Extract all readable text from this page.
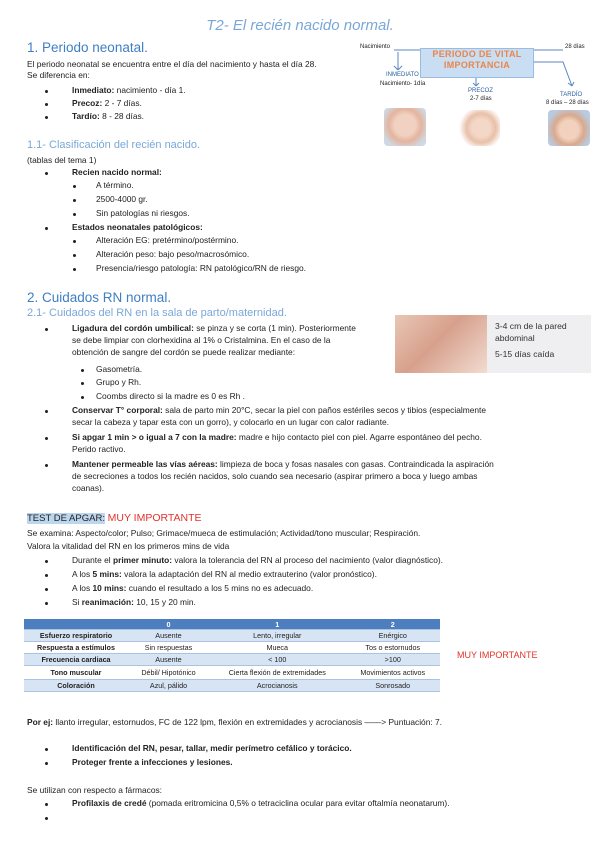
T2- El recién nacido normal.
1. Periodo neonatal.
El periodo neonatal se encuentra entre el día del nacimiento y hasta el día 28.
Se diferencia en:
Inmediato: nacimiento - día 1.
Precoz: 2 - 7 días.
Tardío: 8 - 28 días.
Nacimiento	28 días
PERIODO DE VITAL IMPORTANCIA
INMEDIATO
Nacimiento- 1día
PRECOZ
2-7 días
TARDÍO
8 días – 28 días
1.1- Clasificación del recién nacido.
(tablas del tema 1)
Recien nacido normal:
A término.
2500-4000 gr.
Sin patologías ni riesgos.
Estados neonatales patológicos:
Alteración EG: pretérmino/postérmino.
Alteración peso: bajo peso/macrosómico.
Presencia/riesgo patología: RN patológico/RN de riesgo.
2. Cuidados RN normal.
2.1- Cuidados del RN en la sala de parto/maternidad.
Ligadura del cordón umbilical: se pinza y se corta (1 min). Posteriormente
se debe limpiar con clorhexidina al 1% o Cristalmina. En el caso de la
obtención de sangre del cordón se puede realizar mediante:
Gasometría.
Grupo y Rh.
Coombs directo si la madre es 0 es Rh .
3-4 cm de la pared
abdominal
5-15 días caída
Conservar T° corporal: sala de parto min 20°C, secar la piel con paños estériles secos y tibios (especialmente
secar la cabeza y tapar esta con un gorro), y colocarlo en un lugar con calor radiante.
Si apgar 1 min > o igual a 7 con la madre: madre e hijo contacto piel con piel. Agarre espontáneo del pecho.
Perido ractivo.
Mantener permeable las vías aéreas: limpieza de boca y fosas nasales con gasas. Contraindicada la aspiración
de secreciones a todos los recién nacidos, solo cuando sea necesario (aspirar primero a boca y luego ambas
coanas).
TEST DE APGAR: MUY IMPORTANTE
Se examina: Aspecto/color; Pulso; Grimace/mueca de estimulación; Actividad/tono muscular; Respiración.
Valora la vitalidad del RN en los primeros mins de vida
Durante el primer minuto: valora la tolerancia del RN al proceso del nacimiento (valor diagnóstico).
A los 5 mins: valora la adaptación del RN al medio extrauterino (valor pronóstico).
A los 10 mins: cuando el resultado a los 5 mins no es adecuado.
Si reanimación: 10, 15 y 20 min.
	0	1	2
Esfuerzo respiratorio	Ausente	Lento, irregular	Enérgico
Respuesta a estímulos	Sin respuestas	Mueca	Tos o estornudos
Frecuencia cardiaca	Ausente	< 100	>100
Tono muscular	Débil/ Hipotónico	Cierta flexión de extremidades	Movimientos activos
Coloración	Azul, pálido	Acrocianosis	Sonrosado
MUY IMPORTANTE
Por ej: llanto irregular, estornudos, FC de 122 lpm, flexión en extremidades y acrocianosis ——> Puntuación: 7.
Identificación del RN, pesar, tallar, medir perímetro cefálico y torácico.
Proteger frente a infecciones y lesiones.
Se utilizan con respecto a fármacos:
Profilaxis de credé (pomada eritromicina 0,5% o tetraciclina ocular para evitar oftalmía neonatarum).
